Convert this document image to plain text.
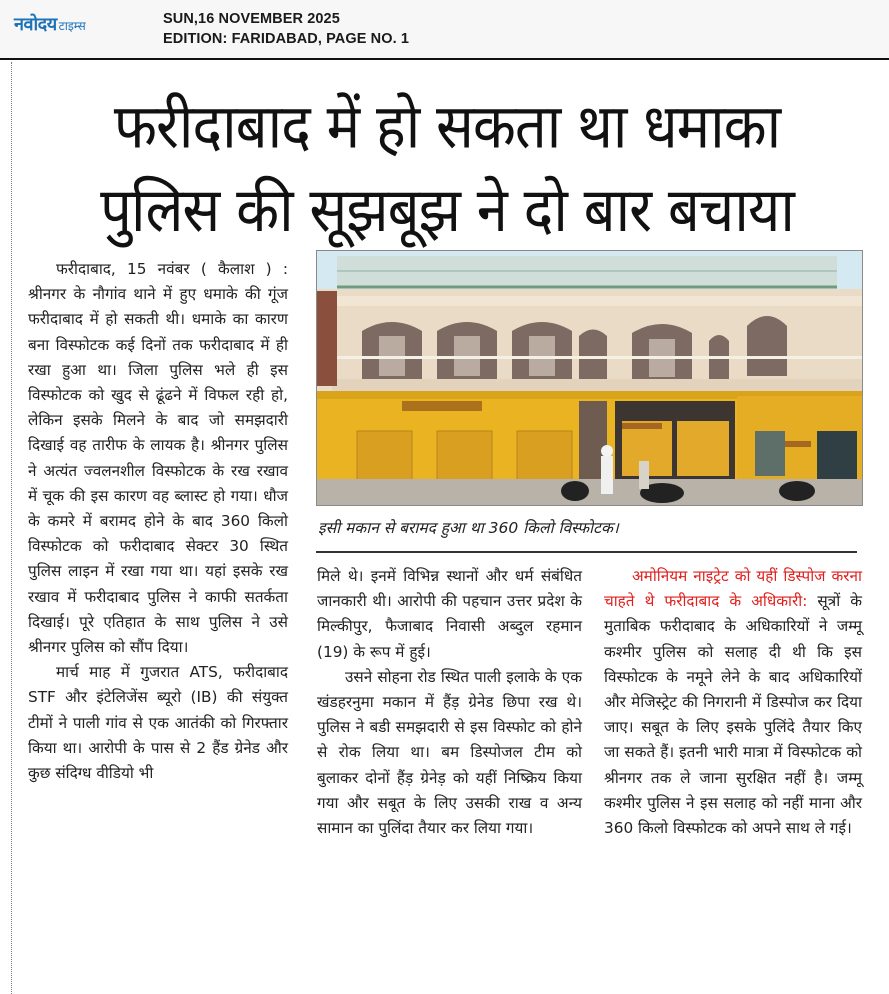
नवोदय टाइम्स	SUN,16 NOVEMBER 2025
EDITION: FARIDABAD, PAGE NO. 1
फरीदाबाद में हो सकता था धमाका
पुलिस की सूझबूझ ने दो बार बचाया

फरीदाबाद, 15 नवंबर ( कैलाश ) : श्रीनगर के नौगांव थाने में हुए धमाके की गूंज फरीदाबाद में हो सकती थी। धमाके का कारण बना विस्फोटक कई दिनों तक फरीदाबाद में ही रखा हुआ था। जिला पुलिस भले ही इस विस्फोटक को खुद से ढूंढने में विफल रही हो, लेकिन इसके मिलने के बाद जो समझदारी दिखाई वह तारीफ के लायक है। श्रीनगर पुलिस ने अत्यंत ज्वलनशील विस्फोटक के रख रखाव में चूक की इस कारण वह ब्लास्ट हो गया। धौज के कमरे में बरामद होने के बाद 360 किलो विस्फोटक को फरीदाबाद सेक्टर 30 स्थित पुलिस लाइन में रखा गया था। यहां इसके रख रखाव में फरीदाबाद पुलिस ने काफी सतर्कता दिखाई। पूरे एतिहात के साथ पुलिस ने उसे श्रीनगर पुलिस को सौंप दिया।

मार्च माह में गुजरात ATS, फरीदाबाद STF और इंटेलिजेंस ब्यूरो (IB) की संयुक्त टीमों ने पाली गांव से एक आतंकी को गिरफ्तार किया था। आरोपी के पास से 2 हैंड ग्रेनेड और कुछ संदिग्ध वीडियो भी

इसी मकान से बरामद हुआ था 360 किलो विस्फोटक।

मिले थे। इनमें विभिन्न स्थानों और धर्म संबंधित जानकारी थी। आरोपी की पहचान उत्तर प्रदेश के मिल्कीपुर, फैजाबाद निवासी अब्दुल रहमान (19) के रूप में हुई।

उसने सोहना रोड स्थित पाली इलाके के एक खंडहरनुमा मकान में हैंड़ ग्रेनेड छिपा रख थे। पुलिस ने बडी समझदारी से इस विस्फोट को होने से रोक लिया था। बम डिस्पोजल टीम को बुलाकर दोनों हैंड़ ग्रेनेड़ को यहीं निष्क्रिय किया गया और सबूत के लिए उसकी राख व अन्य सामान का पुलिंदा तैयार कर लिया गया।

अमोनियम नाइट्रेट को यहीं डिस्पोज करना चाहते थे फरीदाबाद के अधिकारी: सूत्रों के मुताबिक फरीदाबाद के अधिकारियों ने जम्मू कश्मीर पुलिस को सलाह दी थी कि इस विस्फोटक के नमूने लेने के बाद अधिकारियों और मेजिस्ट्रेट की निगरानी में डिस्पोज कर दिया जाए। सबूत के लिए इसके पुलिंदे तैयार किए जा सकते हैं। इतनी भारी मात्रा में विस्फोटक को श्रीनगर तक ले जाना सुरक्षित नहीं है। जम्मू कश्मीर पुलिस ने इस सलाह को नहीं माना और 360 किलो विस्फोटक को अपने साथ ले गई।
